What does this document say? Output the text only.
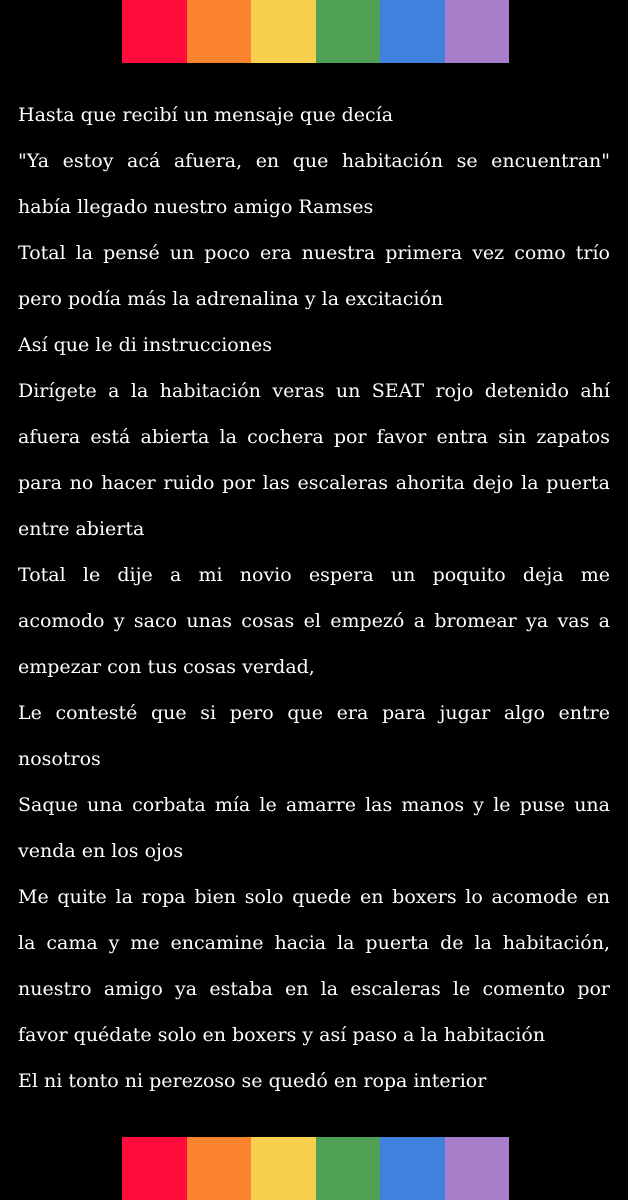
Hasta que recibí un mensaje que decía

"Ya estoy acá afuera, en que habitación se encuentran"

había llegado nuestro amigo Ramses

Total la pensé un poco era nuestra primera vez como trío

pero podía más la adrenalina y la excitación

Así que le di instrucciones

Dirígete a la habitación veras un SEAT rojo detenido ahí

afuera está abierta la cochera por favor entra sin zapatos

para no hacer ruido por las escaleras ahorita dejo la puerta

entre abierta

Total le dije a mi novio espera un poquito deja me

acomodo y saco unas cosas el empezó a bromear ya vas a

empezar con tus cosas verdad,

Le contesté que si pero que era para jugar algo entre

nosotros

Saque una corbata mía le amarre las manos y le puse una

venda en los ojos

Me quite la ropa bien solo quede en boxers lo acomode en

la cama y me encamine hacia la puerta de la habitación,

nuestro amigo ya estaba en la escaleras le comento por

favor quédate solo en boxers y así paso a la habitación

El ni tonto ni perezoso se quedó en ropa interior
